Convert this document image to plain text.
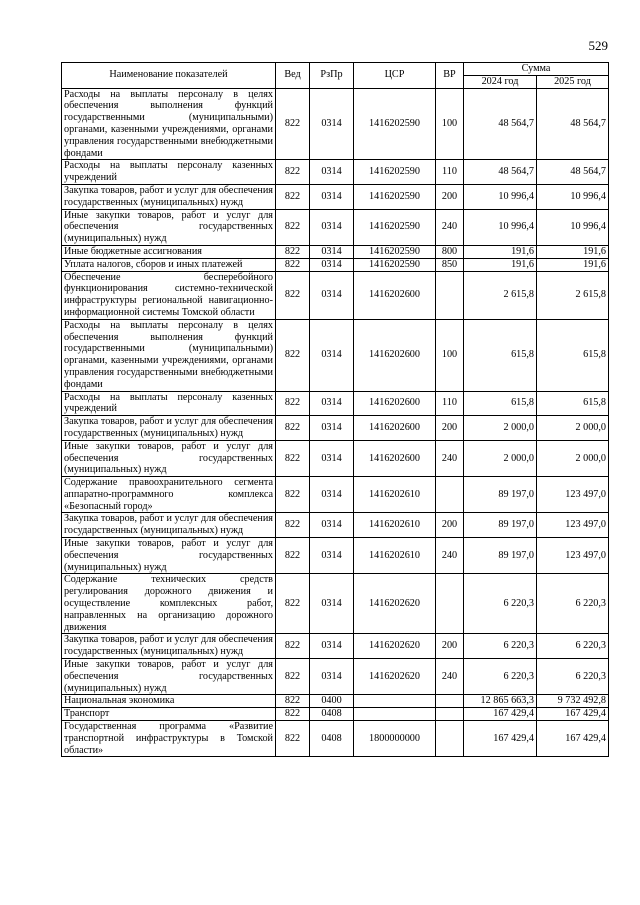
529
Наименование показателей	Вед	РзПр	ЦСР	ВР	Сумма	
					2024 год	2025 год
Расходы на выплаты персоналу в целях обеспечения выполнения функций государственными (муниципальными) органами, казенными учреждениями, органами управления государственными внебюджетными фондами	822	0314	1416202590	100	48 564,7	48 564,7
Расходы на выплаты персоналу казенных учреждений	822	0314	1416202590	110	48 564,7	48 564,7
Закупка товаров, работ и услуг для обеспечения государственных (муниципальных) нужд	822	0314	1416202590	200	10 996,4	10 996,4
Иные закупки товаров, работ и услуг для обеспечения государственных (муниципальных) нужд	822	0314	1416202590	240	10 996,4	10 996,4
Иные бюджетные ассигнования	822	0314	1416202590	800	191,6	191,6
Уплата налогов, сборов и иных платежей	822	0314	1416202590	850	191,6	191,6
Обеспечение бесперебойного функционирования системно-технической инфраструктуры региональной навигационно-информационной системы Томской области	822	0314	1416202600		2 615,8	2 615,8
Расходы на выплаты персоналу в целях обеспечения выполнения функций государственными (муниципальными) органами, казенными учреждениями, органами управления государственными внебюджетными фондами	822	0314	1416202600	100	615,8	615,8
Расходы на выплаты персоналу казенных учреждений	822	0314	1416202600	110	615,8	615,8
Закупка товаров, работ и услуг для обеспечения государственных (муниципальных) нужд	822	0314	1416202600	200	2 000,0	2 000,0
Иные закупки товаров, работ и услуг для обеспечения государственных (муниципальных) нужд	822	0314	1416202600	240	2 000,0	2 000,0
Содержание правоохранительного сегмента аппаратно-программного комплекса «Безопасный город»	822	0314	1416202610		89 197,0	123 497,0
Закупка товаров, работ и услуг для обеспечения государственных (муниципальных) нужд	822	0314	1416202610	200	89 197,0	123 497,0
Иные закупки товаров, работ и услуг для обеспечения государственных (муниципальных) нужд	822	0314	1416202610	240	89 197,0	123 497,0
Содержание технических средств регулирования дорожного движения и осуществление комплексных работ, направленных на организацию дорожного движения	822	0314	1416202620		6 220,3	6 220,3
Закупка товаров, работ и услуг для обеспечения государственных (муниципальных) нужд	822	0314	1416202620	200	6 220,3	6 220,3
Иные закупки товаров, работ и услуг для обеспечения государственных (муниципальных) нужд	822	0314	1416202620	240	6 220,3	6 220,3
Национальная экономика	822	0400			12 865 663,3	9 732 492,8
Транспорт	822	0408			167 429,4	167 429,4
Государственная программа «Развитие транспортной инфраструктуры в Томской области»	822	0408	1800000000		167 429,4	167 429,4
